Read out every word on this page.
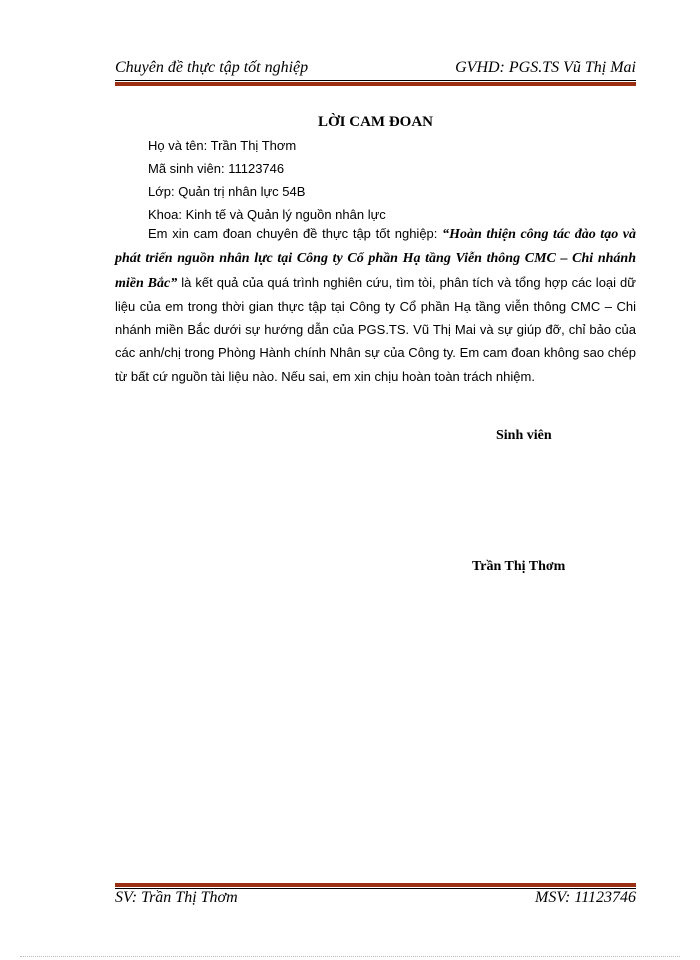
Chuyên đề thực tập tốt nghiệp	GVHD: PGS.TS Vũ Thị Mai
LỜI CAM ĐOAN
Họ và tên: Trần Thị Thơm
Mã sinh viên: 11123746
Lớp: Quản trị nhân lực 54B
Khoa: Kinh tế và Quản lý nguồn nhân lực

Em xin cam đoan chuyên đề thực tập tốt nghiệp: “Hoàn thiện công tác đào tạo và phát triển nguồn nhân lực tại Công ty Cổ phần Hạ tầng Viễn thông CMC – Chi nhánh miền Bắc” là kết quả của quá trình nghiên cứu, tìm tòi, phân tích và tổng hợp các loại dữ liệu của em trong thời gian thực tập tại Công ty Cổ phần Hạ tầng viễn thông CMC – Chi nhánh miền Bắc dưới sự hướng dẫn của PGS.TS. Vũ Thị Mai và sự giúp đỡ, chỉ bảo của các anh/chị trong Phòng Hành chính Nhân sự của Công ty. Em cam đoan không sao chép từ bất cứ nguồn tài liệu nào. Nếu sai, em xin chịu hoàn toàn trách nhiệm.

Sinh viên
Trần Thị Thơm
SV: Trần Thị Thơm	MSV: 11123746
